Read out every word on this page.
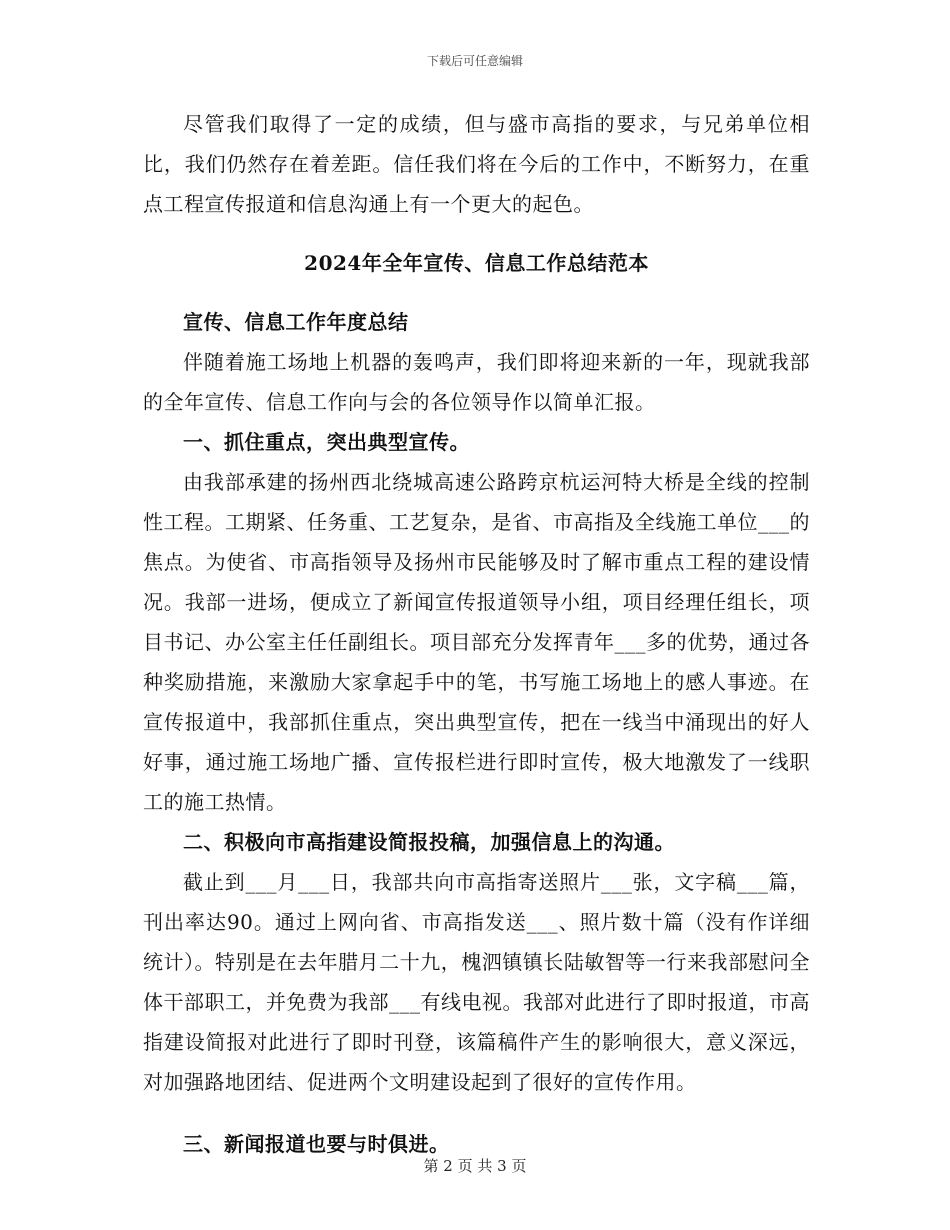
下载后可任意编辑

尽管我们取得了一定的成绩，但与盛市高指的要求，与兄弟单位相比，我们仍然存在着差距。信任我们将在今后的工作中，不断努力，在重点工程宣传报道和信息沟通上有一个更大的起色。

2024年全年宣传、信息工作总结范本
宣传、信息工作年度总结

伴随着施工场地上机器的轰鸣声，我们即将迎来新的一年，现就我部的全年宣传、信息工作向与会的各位领导作以简单汇报。

一、抓住重点，突出典型宣传。

由我部承建的扬州西北绕城高速公路跨京杭运河特大桥是全线的控制性工程。工期紧、任务重、工艺复杂，是省、市高指及全线施工单位___的焦点。为使省、市高指领导及扬州市民能够及时了解市重点工程的建设情况。我部一进场，便成立了新闻宣传报道领导小组，项目经理任组长，项目书记、办公室主任任副组长。项目部充分发挥青年___多的优势，通过各种奖励措施，来激励大家拿起手中的笔，书写施工场地上的感人事迹。在宣传报道中，我部抓住重点，突出典型宣传，把在一线当中涌现出的好人好事，通过施工场地广播、宣传报栏进行即时宣传，极大地激发了一线职工的施工热情。

二、积极向市高指建设简报投稿，加强信息上的沟通。

截止到___月___日，我部共向市高指寄送照片___张，文字稿___篇，刊出率达90。通过上网向省、市高指发送___、照片数十篇（没有作详细统计）。特别是在去年腊月二十九，槐泗镇镇长陆敏智等一行来我部慰问全体干部职工，并免费为我部___有线电视。我部对此进行了即时报道，市高指建设简报对此进行了即时刊登，该篇稿件产生的影响很大，意义深远，对加强路地团结、促进两个文明建设起到了很好的宣传作用。

三、新闻报道也要与时俱进。
第 2 页 共 3 页
